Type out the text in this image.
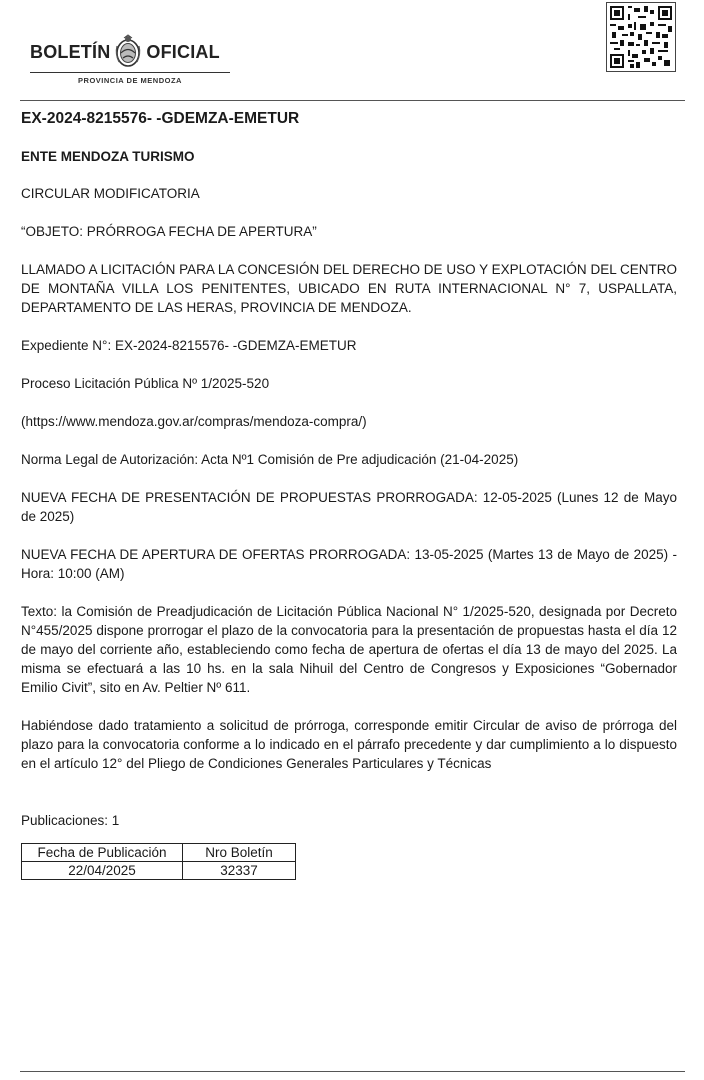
BOLETÍN OFICIAL
PROVINCIA DE MENDOZA

EX-2024-8215576- -GDEMZA-EMETUR

ENTE MENDOZA TURISMO

CIRCULAR MODIFICATORIA

“OBJETO: PRÓRROGA FECHA DE APERTURA”

LLAMADO A LICITACIÓN PARA LA CONCESIÓN DEL DERECHO DE USO Y EXPLOTACIÓN DEL CENTRO DE MONTAÑA VILLA LOS PENITENTES, UBICADO EN RUTA INTERNACIONAL N° 7, USPALLATA, DEPARTAMENTO DE LAS HERAS, PROVINCIA DE MENDOZA.

Expediente N°: EX-2024-8215576- -GDEMZA-EMETUR

Proceso Licitación Pública Nº 1/2025-520

(https://www.mendoza.gov.ar/compras/mendoza-compra/)

Norma Legal de Autorización: Acta Nº1 Comisión de Pre adjudicación (21-04-2025)

NUEVA FECHA DE PRESENTACIÓN DE PROPUESTAS PRORROGADA: 12-05-2025 (Lunes 12 de Mayo de 2025)

NUEVA FECHA DE APERTURA DE OFERTAS PRORROGADA: 13-05-2025 (Martes 13 de Mayo de 2025) - Hora: 10:00 (AM)

Texto: la Comisión de Preadjudicación de Licitación Pública Nacional N° 1/2025-520, designada por Decreto N°455/2025 dispone prorrogar el plazo de la convocatoria para la presentación de propuestas hasta el día 12 de mayo del corriente año, estableciendo como fecha de apertura de ofertas el día 13 de mayo del 2025. La misma se efectuará a las 10 hs. en la sala Nihuil del Centro de Congresos y Exposiciones “Gobernador Emilio Civit”, sito en Av. Peltier Nº 611.

Habiéndose dado tratamiento a solicitud de prórroga, corresponde emitir Circular de aviso de prórroga del plazo para la convocatoria conforme a lo indicado en el párrafo precedente y dar cumplimiento a lo dispuesto en el artículo 12° del Pliego de Condiciones Generales Particulares y Técnicas

Publicaciones: 1

Fecha de Publicación	Nro Boletín
22/04/2025	32337
